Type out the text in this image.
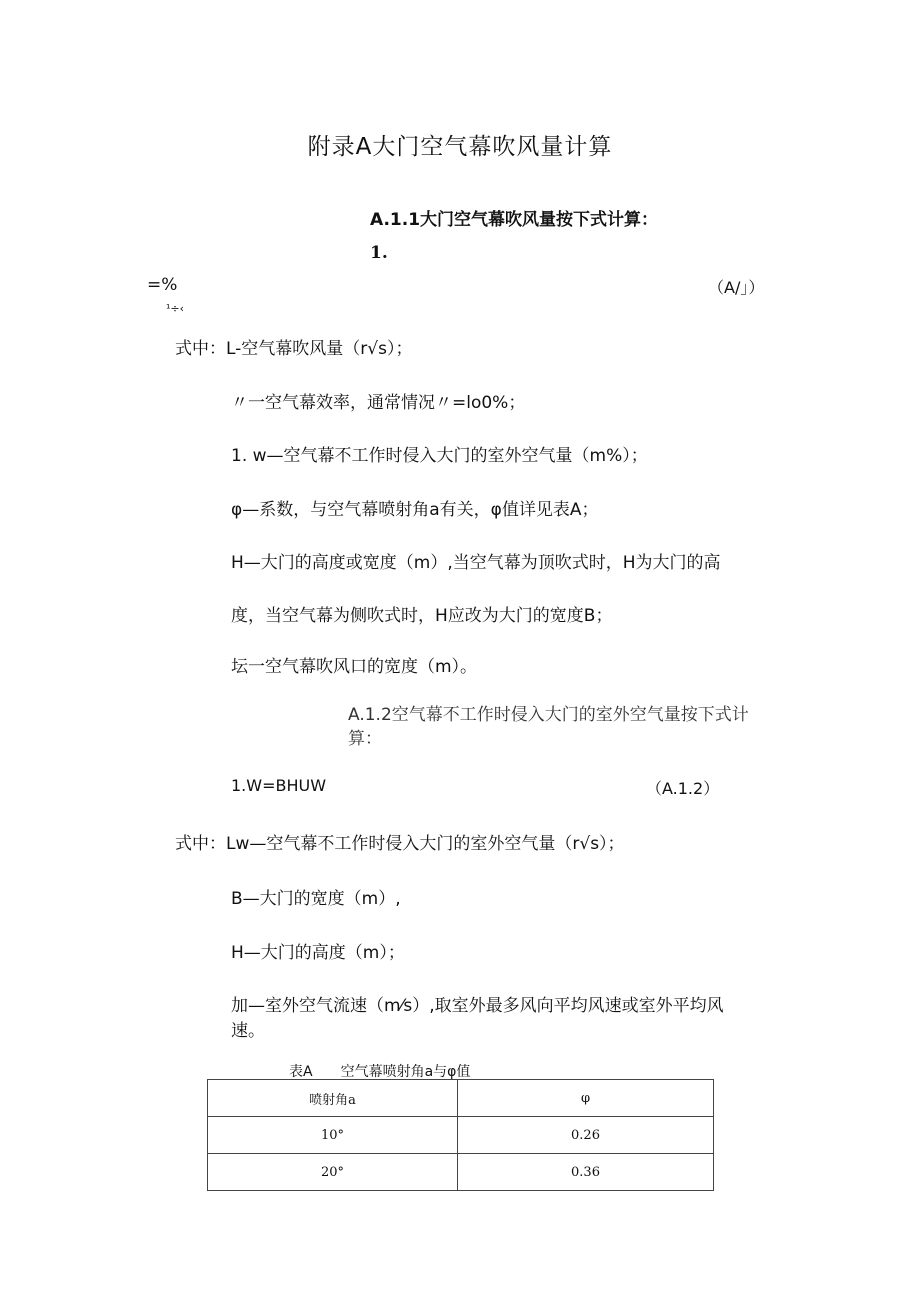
附录A大门空气幕吹风量计算
A.1.1大门空气幕吹风量按下式计算：
1.
=%
¹÷‹
（A/」）
式中：L-空气幕吹风量（r√s）；
〃一空气幕效率，通常情况〃=lo0%；
1. w—空气幕不工作时侵入大门的室外空气量（m%）；
φ—系数，与空气幕喷射角a有关，φ值详见表A；
H—大门的高度或宽度（m）,当空气幕为顶吹式时，H为大门的高
度，当空气幕为侧吹式时，H应改为大门的宽度B；
坛一空气幕吹风口的宽度（m）。
A.1.2空气幕不工作时侵入大门的室外空气量按下式计
算：
1.W=BHUW	（A.1.2）
式中：Lw—空气幕不工作时侵入大门的室外空气量（r√s）；
B—大门的宽度（m）,
H—大门的高度（m）；
加—室外空气流速（m⁄s）,取室外最多风向平均风速或室外平均风
速。
表A 空气幕喷射角a与φ值
喷射角a	φ
10°	0.26
20°	0.36
